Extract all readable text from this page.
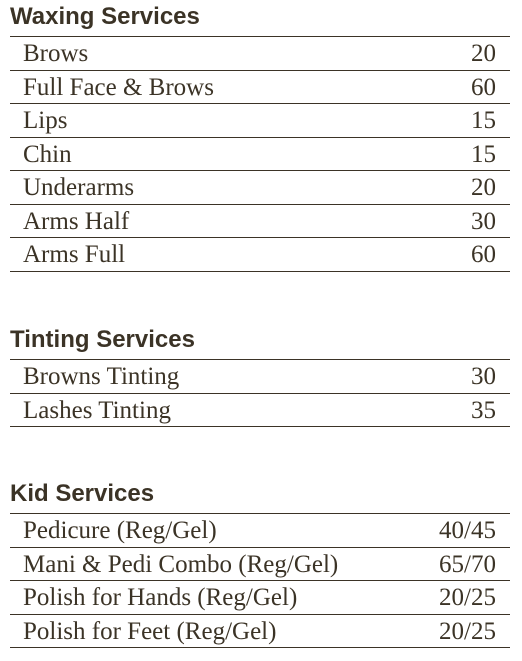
Waxing Services
Brows	20
Full Face & Brows	60
Lips	15
Chin	15
Underarms	20
Arms Half	30
Arms Full	60
Tinting Services
Browns Tinting	30
Lashes Tinting	35
Kid Services
Pedicure (Reg/Gel)	40/45
Mani & Pedi Combo (Reg/Gel)	65/70
Polish for Hands (Reg/Gel)	20/25
Polish for Feet (Reg/Gel)	20/25
